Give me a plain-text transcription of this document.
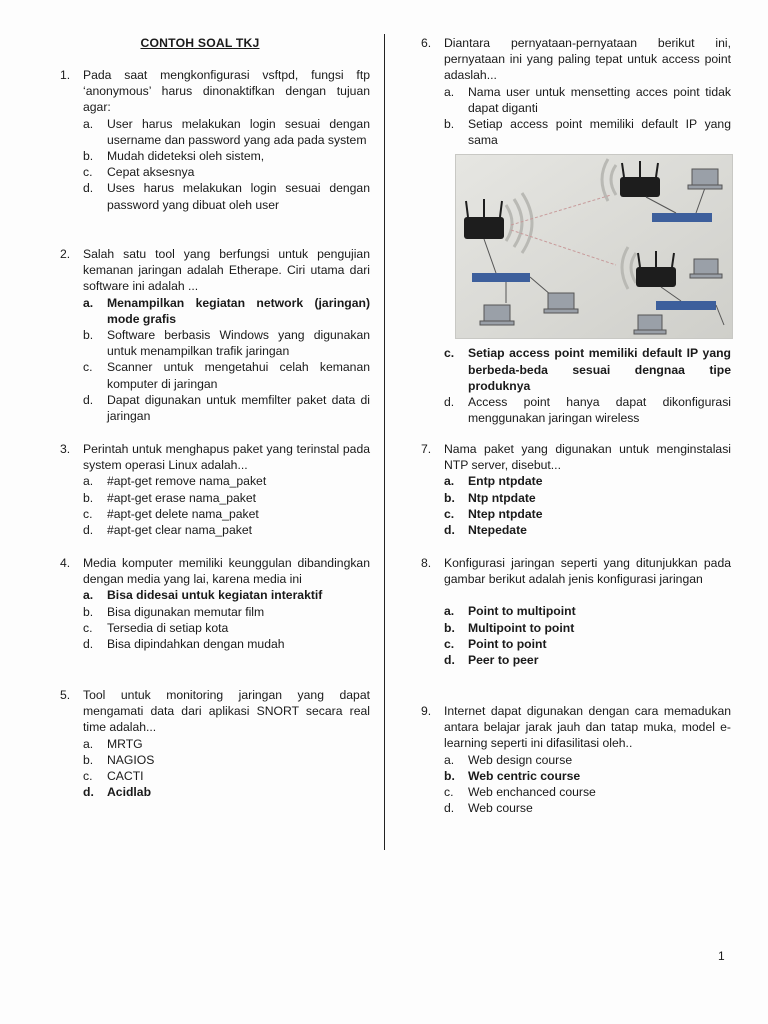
CONTOH SOAL TKJ
1. Pada saat mengkonfigurasi vsftpd, fungsi ftp ‘anonymous’ harus dinonaktifkan dengan tujuan agar:
a. User harus melakukan login sesuai dengan username dan password yang ada pada system
b. Mudah dideteksi oleh sistem,
c. Cepat aksesnya
d. Uses harus melakukan login sesuai dengan password yang dibuat oleh user
2. Salah satu tool yang berfungsi untuk pengujian kemanan jaringan adalah Etherape. Ciri utama dari software ini adalah ...
a. Menampilkan kegiatan network (jaringan) mode grafis
b. Software berbasis Windows yang digunakan untuk menampilkan trafik jaringan
c. Scanner untuk mengetahui celah kemanan komputer di jaringan
d. Dapat digunakan untuk memfilter paket data di jaringan
3. Perintah untuk menghapus paket yang terinstal pada system operasi Linux adalah...
a. #apt-get remove nama_paket
b. #apt-get erase nama_paket
c. #apt-get delete nama_paket
d. #apt-get clear nama_paket
4. Media komputer memiliki keunggulan dibandingkan dengan media yang lai, karena media ini
a. Bisa didesai untuk kegiatan interaktif
b. Bisa digunakan memutar film
c. Tersedia di setiap kota
d. Bisa dipindahkan dengan mudah
5. Tool untuk monitoring jaringan yang dapat mengamati data dari aplikasi SNORT secara real time adalah...
a. MRTG
b. NAGIOS
c. CACTI
d. Acidlab
6. Diantara pernyataan-pernyataan berikut ini, pernyataan ini yang paling tepat untuk access point adaslah...
a. Nama user untuk mensetting acces point tidak dapat diganti
b. Setiap access point memiliki default IP yang sama
c. Setiap access point memiliki default IP yang berbeda-beda sesuai dengnaa tipe produknya
d. Access point hanya dapat dikonfigurasi menggunakan jaringan wireless
7. Nama paket yang digunakan untuk menginstalasi NTP server, disebut...
a. Entp ntpdate
b. Ntp ntpdate
c. Ntep ntpdate
d. Ntepedate
8. Konfigurasi jaringan seperti yang ditunjukkan pada gambar berikut adalah jenis konfigurasi jaringan
a. Point to multipoint
b. Multipoint to point
c. Point to point
d. Peer to peer
9. Internet dapat digunakan dengan cara memadukan antara belajar jarak jauh dan tatap muka, model e-learning seperti ini difasilitasi oleh..
a. Web design course
b. Web centric course
c. Web enchanced course
d. Web course
1
